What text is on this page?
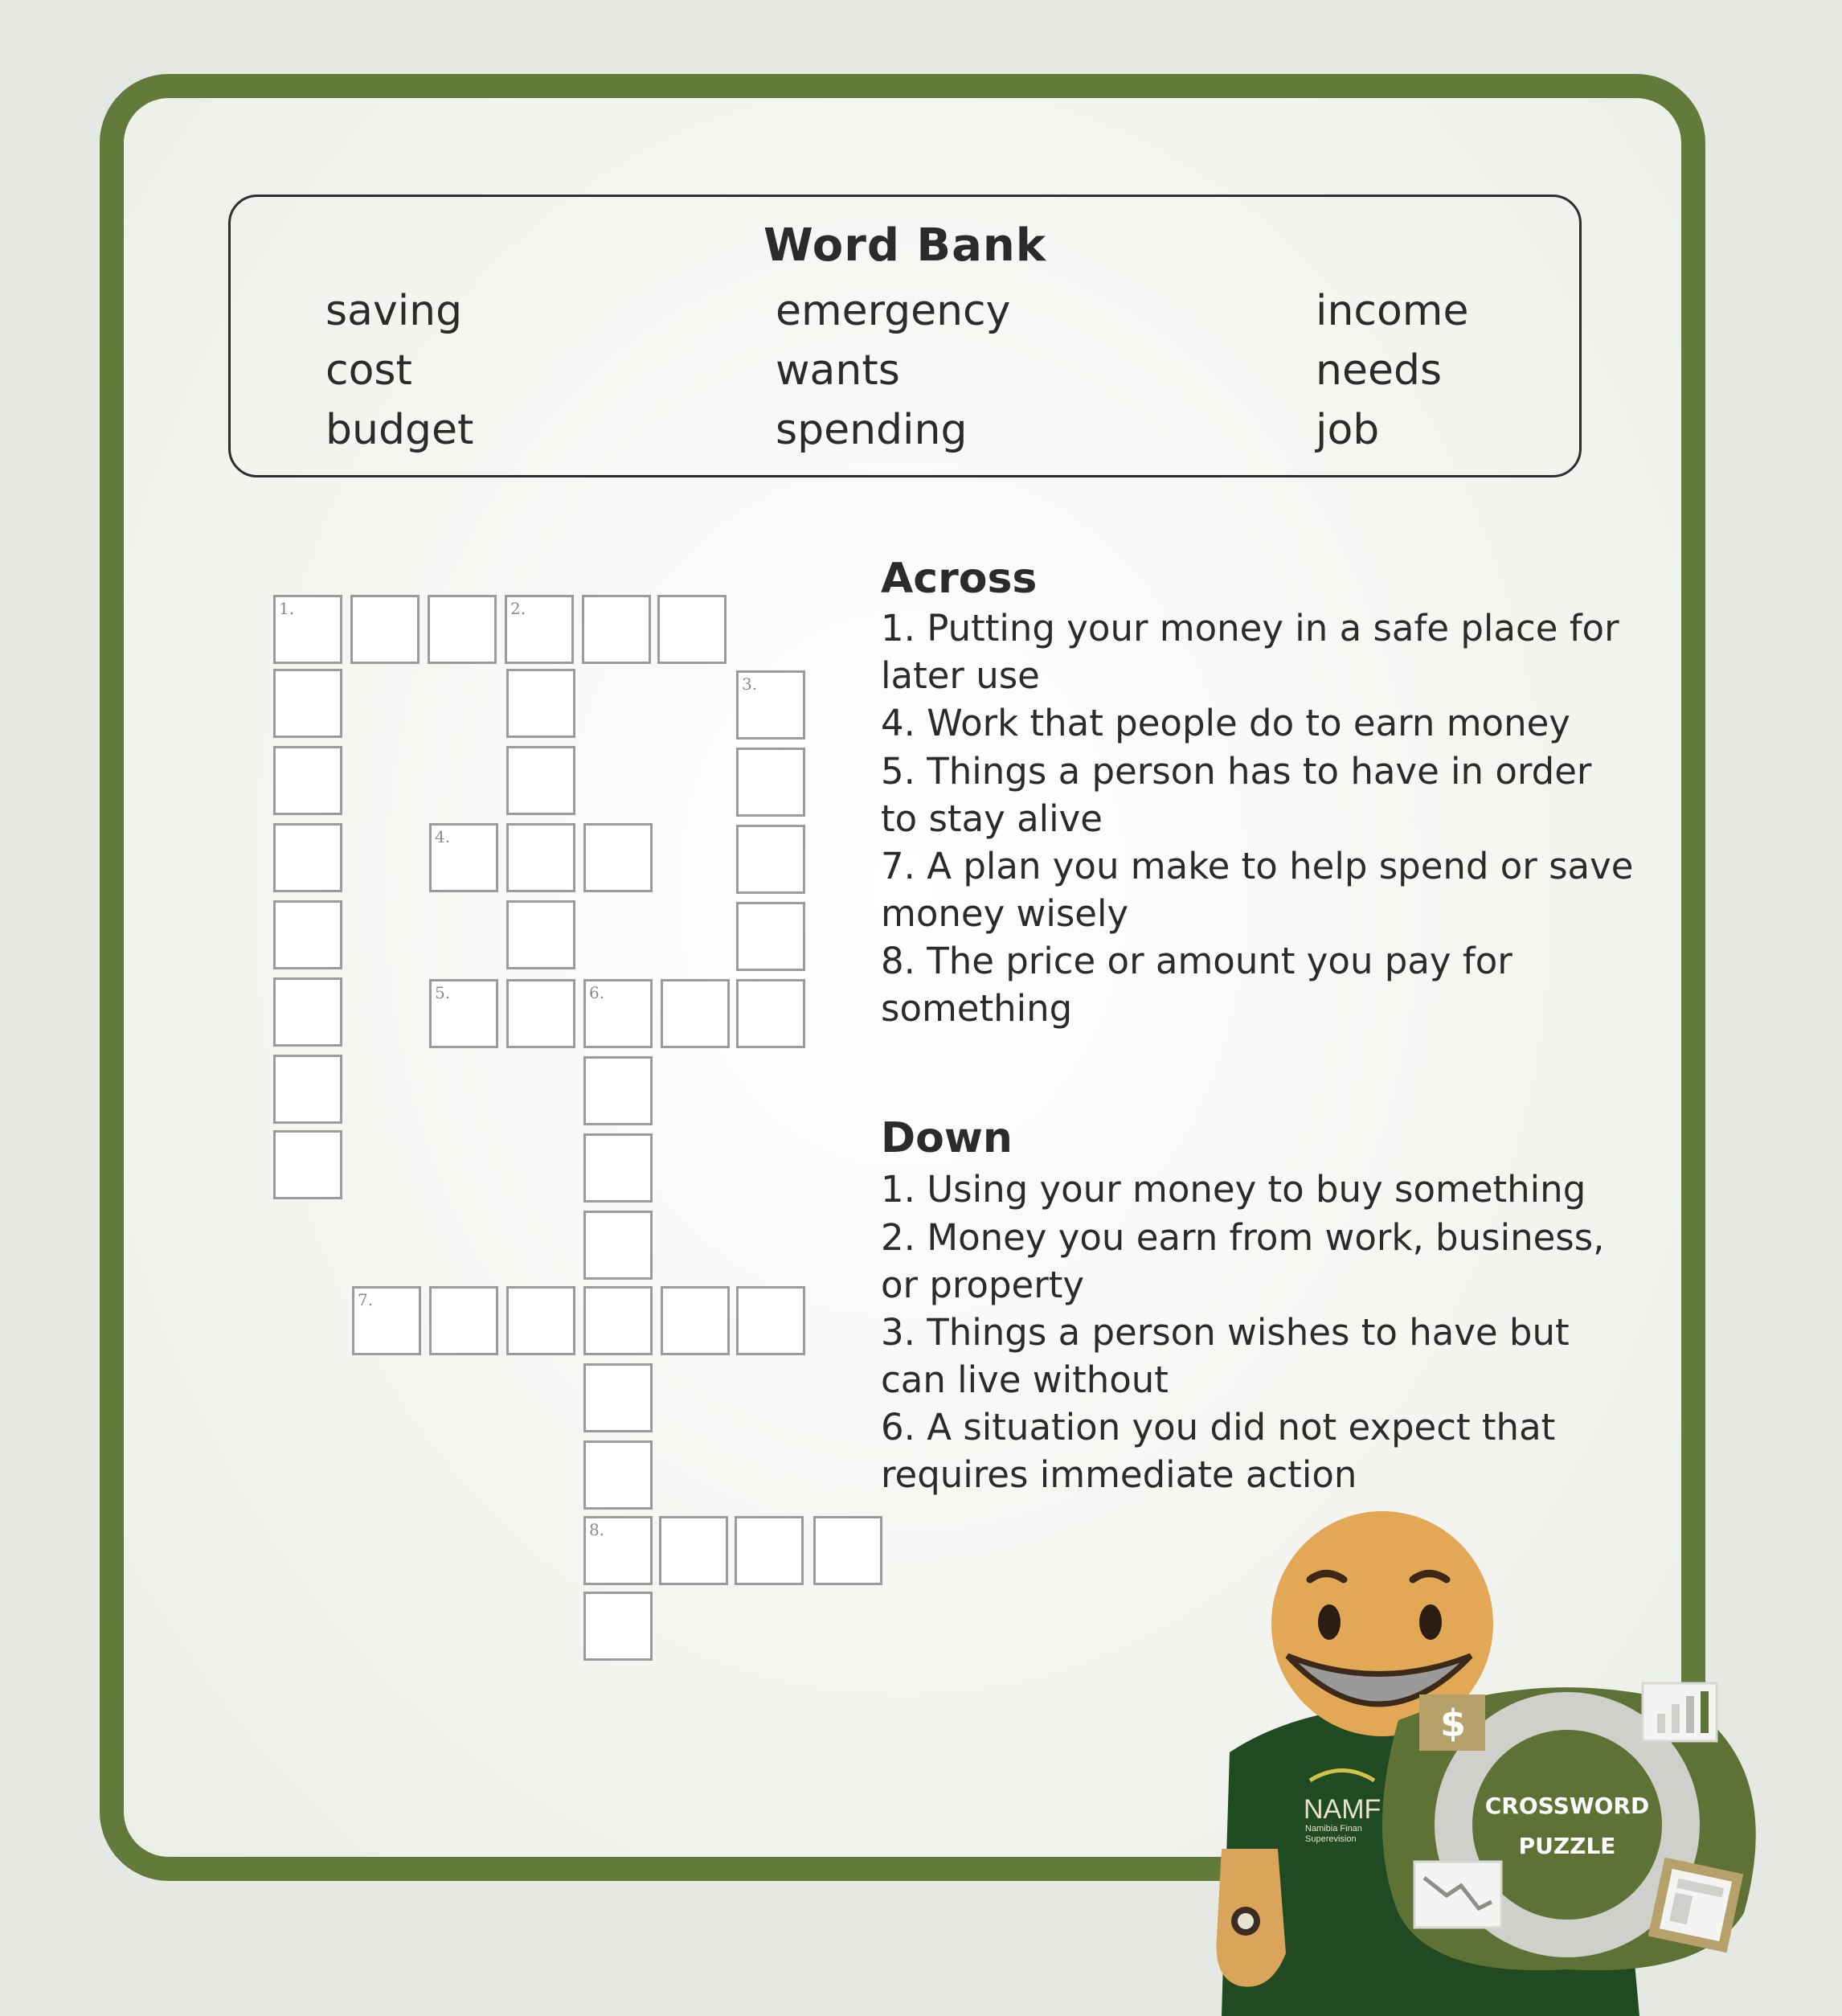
Word Bank
saving	emergency	income
cost	wants	needs
budget	spending	job
1.	2.
3.
4.
5.	6.
7.
8.
Across
1. Putting your money in a safe place for later use
4. Work that people do to earn money
5. Things a person has to have in order to stay alive
7. A plan you make to help spend or save money wisely
8. The price or amount you pay for something
Down
1. Using your money to buy something
2. Money you earn from work, business, or property
3. Things a person wishes to have but can live without
6. A situation you did not expect that requires immediate action
NAMF
Namibia Finan
Superevision
$
CROSSWORD
PUZZLE
